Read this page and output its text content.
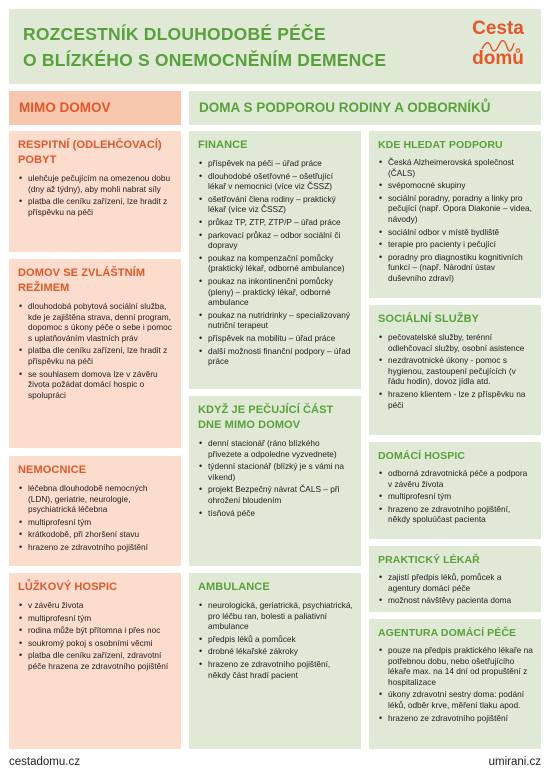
ROZCESTNÍK DLOUHODOBÉ PÉČE
O BLÍZKÉHO S ONEMOCNĚNÍM DEMENCE
Cesta
domů
MIMO DOMOV	DOMA S PODPOROU RODINY A ODBORNÍKŮ
RESPITNÍ (ODLEHČOVACÍ) POBYT
• ulehčuje pečujícím na omezenou dobu (dny až týdny), aby mohli nabrat síly
• platba dle ceníku zařízení, lze hradit z příspěvku na péči
DOMOV SE ZVLÁŠTNÍM REŽIMEM
• dlouhodobá pobytová sociální služba, kde je zajištěna strava, denní program, dopomoc s úkony péče o sebe i pomoc s uplatňováním vlastních práv
• platba dle ceníku zařízení, lze hradit z příspěvku na péči
• se souhlasem domova lze v závěru života požádat domácí hospic o spolupráci
NEMOCNICE
• léčebna dlouhodobě nemocných (LDN), geriatrie, neurologie, psychiatrická léčebna
• multiprofesní tým
• krátkodobě, při zhoršení stavu
• hrazeno ze zdravotního pojištění
LŮŽKOVÝ HOSPIC
• v závěru života
• multiprofesní tým
• rodina může být přítomna i přes noc
• soukromý pokoj s osobními věcmi
• platba dle ceníku zařízení, zdravotní péče hrazena ze zdravotního pojištění
FINANCE
• příspěvek na péči – úřad práce
• dlouhodobé ošetřovné – ošetřující lékař v nemocnici (více viz ČSSZ)
• ošetřování člena rodiny – praktický lékař (více viz ČSSZ)
• průkaz TP, ZTP, ZTP/P – úřad práce
• parkovací průkaz – odbor sociální či dopravy
• poukaz na kompenzační pomůcky (praktický lékař, odborné ambulance)
• poukaz na inkontinenční pomůcky (pleny) – praktický lékař, odborné ambulance
• poukaz na nutridrinky – specializovaný nutriční terapeut
• příspěvek na mobilitu – úřad práce
• další možnosti finanční podpory – úřad práce
KDYŽ JE PEČUJÍCÍ ČÁST DNE MIMO DOMOV
• denní stacionář (ráno blízkého přivezete a odpoledne vyzvednete)
• týdenní stacionář (blízký je s vámi na víkend)
• projekt Bezpečný návrat ČALS – při ohrožení bloudením
• tísňová péče
AMBULANCE
• neurologická, geriatrická, psychiatrická, pro léčbu ran, bolesti a paliativní ambulance
• předpis léků a pomůcek
• drobné lékařské zákroky
• hrazeno ze zdravotního pojištění, někdy část hradí pacient
KDE HLEDAT PODPORU
• Česká Alzheimerovská společnost (ČALS)
• svépomocné skupiny
• sociální poradny, poradny a linky pro pečující (např. Opora Diakonie – videa, návody)
• sociální odbor v místě bydliště
• terapie pro pacienty i pečující
• poradny pro diagnostiku kognitivních funkcí – (např. Národní ústav duševního zdraví)
SOCIÁLNÍ SLUŽBY
• pečovatelské služby, terénní odlehčovací služby, osobní asistence
• nezdravotnické úkony - pomoc s hygienou, zastoupení pečujících (v řádu hodin), dovoz jídla atd.
• hrazeno klientem - lze z příspěvku na péči
DOMÁCÍ HOSPIC
• odborná zdravotnická péče a podpora v závěru života
• multiprofesní tým
• hrazeno ze zdravotního pojištění, někdy spoluúčast pacienta
PRAKTICKÝ LÉKAŘ
• zajistí předpis léků, pomůcek a agentury domácí péče
• možnost návštěvy pacienta doma
AGENTURA DOMÁCÍ PÉČE
• pouze na předpis praktického lékaře na potřebnou dobu, nebo ošetřujícího lékaře max. na 14 dní od propuštění z hospitalizace
• úkony zdravotní sestry doma: podání léků, odběr krve, měření tlaku apod.
• hrazeno ze zdravotního pojištění
cestadomu.cz	umirani.cz
